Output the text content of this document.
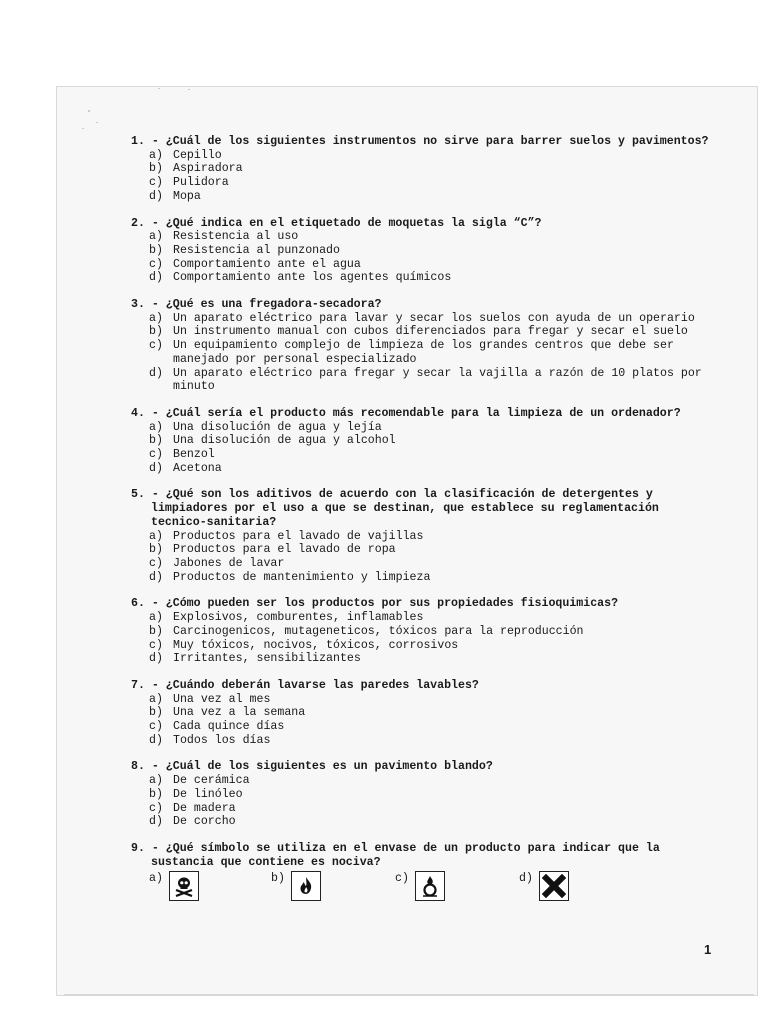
1. - ¿Cuál de los siguientes instrumentos no sirve para barrer suelos y pavimentos?
a) Cepillo
b) Aspiradora
c) Pulidora
d) Mopa
2. - ¿Qué indica en el etiquetado de moquetas la sigla “C”?
a) Resistencia al uso
b) Resistencia al punzonado
c) Comportamiento ante el agua
d) Comportamiento ante los agentes químicos
3. - ¿Qué es una fregadora-secadora?
a) Un aparato eléctrico para lavar y secar los suelos con ayuda de un operario
b) Un instrumento manual con cubos diferenciados para fregar y secar el suelo
c) Un equipamiento complejo de limpieza de los grandes centros que debe ser manejado por personal especializado
d) Un aparato eléctrico para fregar y secar la vajilla a razón de 10 platos por minuto
4. - ¿Cuál sería el producto más recomendable para la limpieza de un ordenador?
a) Una disolución de agua y lejía
b) Una disolución de agua y alcohol
c) Benzol
d) Acetona
5. - ¿Qué son los aditivos de acuerdo con la clasificación de detergentes y limpiadores por el uso a que se destinan, que establece su reglamentación tecnico-sanitaria?
a) Productos para el lavado de vajillas
b) Productos para el lavado de ropa
c) Jabones de lavar
d) Productos de mantenimiento y limpieza
6. - ¿Cómo pueden ser los productos por sus propiedades fisioquimicas?
a) Explosivos, comburentes, inflamables
b) Carcinogenicos, mutageneticos, tóxicos para la reproducción
c) Muy tóxicos, nocivos, tóxicos, corrosivos
d) Irritantes, sensibilizantes
7. - ¿Cuándo deberán lavarse las paredes lavables?
a) Una vez al mes
b) Una vez a la semana
c) Cada quince días
d) Todos los días
8. - ¿Cuál de los siguientes es un pavimento blando?
a) De cerámica
b) De linóleo
c) De madera
d) De corcho
9. - ¿Qué símbolo se utiliza en el envase de un producto para indicar que la sustancia que contiene es nociva?
a)	b)	c)	d)
1
